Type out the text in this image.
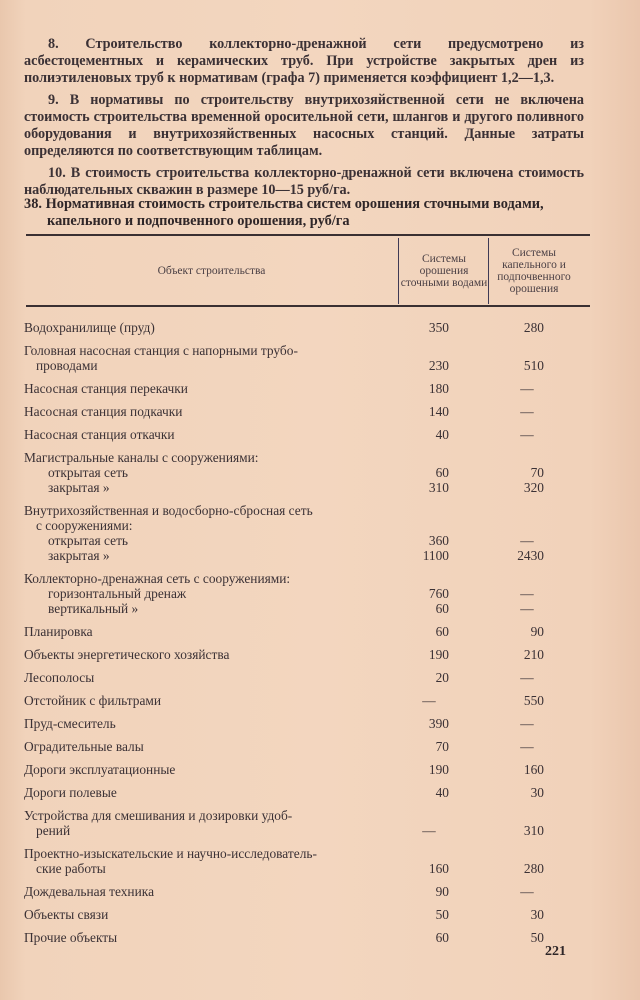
8. Строительство коллекторно-дренажной сети предусмотрено из асбестоцементных и керамических труб. При устройстве закрытых дрен из полиэтиленовых труб к нормативам (графа 7) применяется коэффициент 1,2—1,3.

9. В нормативы по строительству внутрихозяйственной сети не включена стоимость строительства временной оросительной сети, шлангов и другого поливного оборудования и внутрихозяйственных насосных станций. Данные затраты определяются по соответствующим таблицам.

10. В стоимость строительства коллекторно-дренажной сети включена стоимость наблюдательных скважин в размере 10—15 руб/га.

38. Нормативная стоимость строительства систем орошения сточными водами,
капельного и подпочвенного орошения, руб/га
Объект строительства
Системы орошения сточными водами
Системы капельного и подпочвенного орошения
Водохранилище (пруд)	350	280
Головная насосная станция с напорными трубо-
проводами	230	510
Насосная станция перекачки	180	—
Насосная станция подкачки	140	—
Насосная станция откачки	40	—
Магистральные каналы с сооружениями:
открытая сеть	60	70
закрытая »	310	320
Внутрихозяйственная и водосборно-сбросная сеть
с сооружениями:
открытая сеть	360	—
закрытая »	1100	2430
Коллекторно-дренажная сеть с сооружениями:
горизонтальный дренаж	760	—
вертикальный »	60	—
Планировка	60	90
Объекты энергетического хозяйства	190	210
Лесополосы	20	—
Отстойник с фильтрами	—	550
Пруд-смеситель	390	—
Оградительные валы	70	—
Дороги эксплуатационные	190	160
Дороги полевые	40	30
Устройства для смешивания и дозировки удоб-
рений	—	310
Проектно-изыскательские и научно-исследователь-
ские работы	160	280
Дождевальная техника	90	—
Объекты связи	50	30
Прочие объекты	60	50
221
